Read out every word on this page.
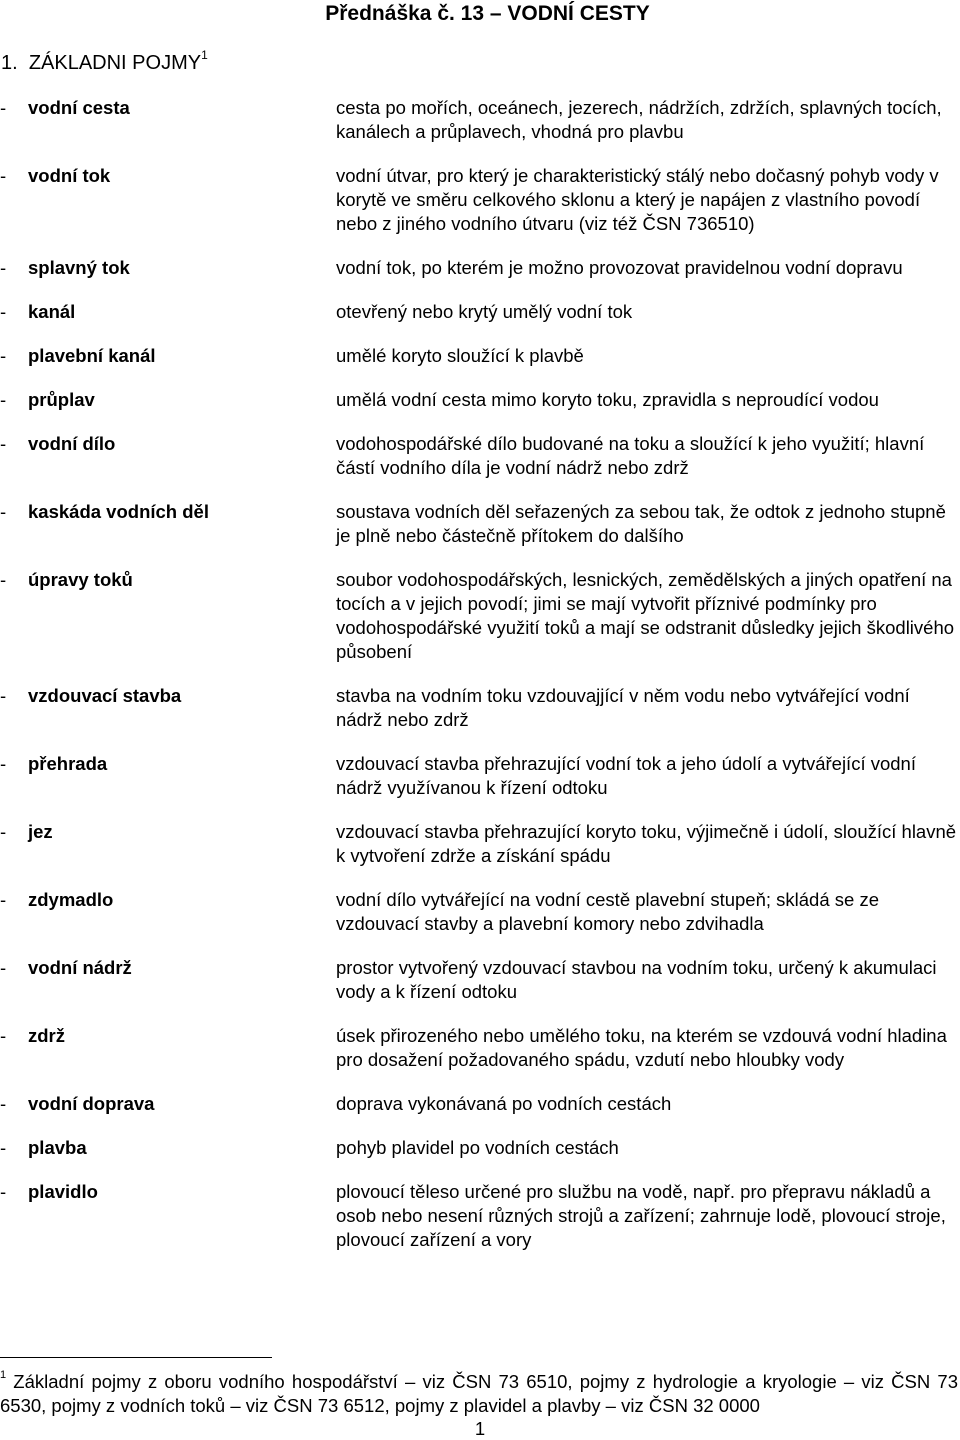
Přednáška č. 13 – VODNÍ CESTY
1. ZÁKLADNI POJMY$^1$
- vodní cesta	cesta po mořích, oceánech, jezerech, nádržích, zdržích, splavných tocích, kanálech a průplavech, vhodná pro plavbu
- vodní tok	vodní útvar, pro který je charakteristický stálý nebo dočasný pohyb vody v korytě ve směru celkového sklonu a který je napájen z vlastního povodí nebo z jiného vodního útvaru (viz též ČSN 736510)
- splavný tok	vodní tok, po kterém je možno provozovat pravidelnou vodní dopravu
- kanál	otevřený nebo krytý umělý vodní tok
- plavební kanál	umělé koryto sloužící k plavbě
- průplav	umělá vodní cesta mimo koryto toku, zpravidla s neproudící vodou
- vodní dílo	vodohospodářské dílo budované na toku a sloužící k jeho využití; hlavní částí vodního díla je vodní nádrž nebo zdrž
- kaskáda vodních děl	soustava vodních děl seřazených za sebou tak, že odtok z jednoho stupně je plně nebo částečně přítokem do dalšího
- úpravy toků	soubor vodohospodářských, lesnických, zemědělských a jiných opatření na tocích a v jejich povodí; jimi se mají vytvořit příznivé podmínky pro vodohospodářské využití toků a mají se odstranit důsledky jejich škodlivého působení
- vzdouvací stavba	stavba na vodním toku vzdouvajjící v něm vodu nebo vytvářející vodní nádrž nebo zdrž
- přehrada	vzdouvací stavba přehrazující vodní tok a jeho údolí a vytvářející vodní nádrž využívanou k řízení odtoku
- jez	vzdouvací stavba přehrazující koryto toku, výjimečně i údolí, sloužící hlavně k vytvoření zdrže a získání spádu
- zdymadlo	vodní dílo vytvářející na vodní cestě plavební stupeň; skládá se ze vzdouvací stavby a plavební komory nebo zdvihadla
- vodní nádrž	prostor vytvořený vzdouvací stavbou na vodním toku, určený k akumulaci vody a k řízení odtoku
- zdrž	úsek přirozeného nebo umělého toku, na kterém se vzdouvá vodní hladina pro dosažení požadovaného spádu, vzdutí nebo hloubky vody
- vodní doprava	doprava vykonávaná po vodních cestách
- plavba	pohyb plavidel po vodních cestách
- plavidlo	plovoucí těleso určené pro službu na vodě, např. pro přepravu nákladů a osob nebo nesení různých strojů a zařízení; zahrnuje lodě, plovoucí stroje, plovoucí zařízení a vory
$^1$ Základní pojmy z oboru vodního hospodářství – viz ČSN 73 6510, pojmy z hydrologie a kryologie – viz ČSN 73 6530, pojmy z vodních toků – viz ČSN 73 6512, pojmy z plavidel a plavby – viz ČSN 32 0000
1
